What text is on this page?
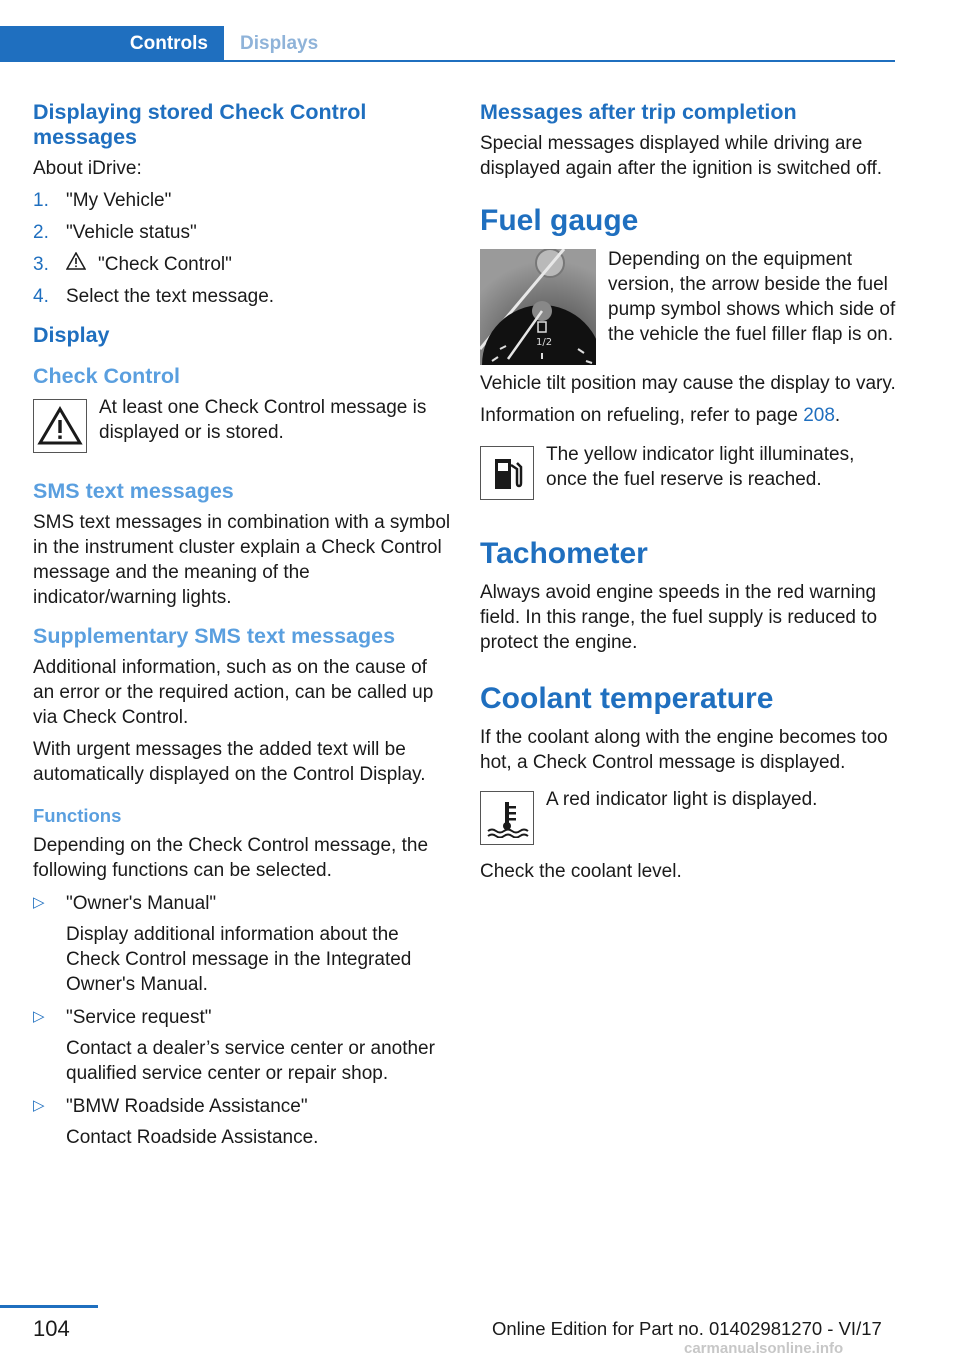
Controls Displays
Displaying stored Check Control messages

About iDrive:

1. "My Vehicle"
2. "Vehicle status"
3.	"Check Control"
4. Select the text message.
Display
Check Control

At least one Check Control message is displayed or is stored.

SMS text messages

SMS text messages in combination with a symbol in the instrument cluster explain a Check Control message and the meaning of the indicator/warning lights.

Supplementary SMS text messages

Additional information, such as on the cause of an error or the required action, can be called up via Check Control.

With urgent messages the added text will be automatically displayed on the Control Display.

Functions

Depending on the Check Control message, the following functions can be selected.

▷ "Owner's Manual"
Display additional information about the Check Control message in the Integrated Owner's Manual.
▷ "Service request"
Contact a dealer’s service center or another qualified service center or repair shop.
▷ "BMW Roadside Assistance"
Contact Roadside Assistance.
Messages after trip completion

Special messages displayed while driving are displayed again after the ignition is switched off.

Fuel gauge
1/2

Depending on the equipment version, the arrow beside the fuel pump symbol shows which side of the vehicle the fuel filler flap is on.

Vehicle tilt position may cause the display to vary.

Information on refueling, refer to page 208.

The yellow indicator light illuminates, once the fuel reserve is reached.

Tachometer

Always avoid engine speeds in the red warning field. In this range, the fuel supply is reduced to protect the engine.

Coolant temperature

If the coolant along with the engine becomes too hot, a Check Control message is displayed.

A red indicator light is displayed.

Check the coolant level.

104	Online Edition for Part no. 01402981270 - VI/17
carmanualsonline.info
